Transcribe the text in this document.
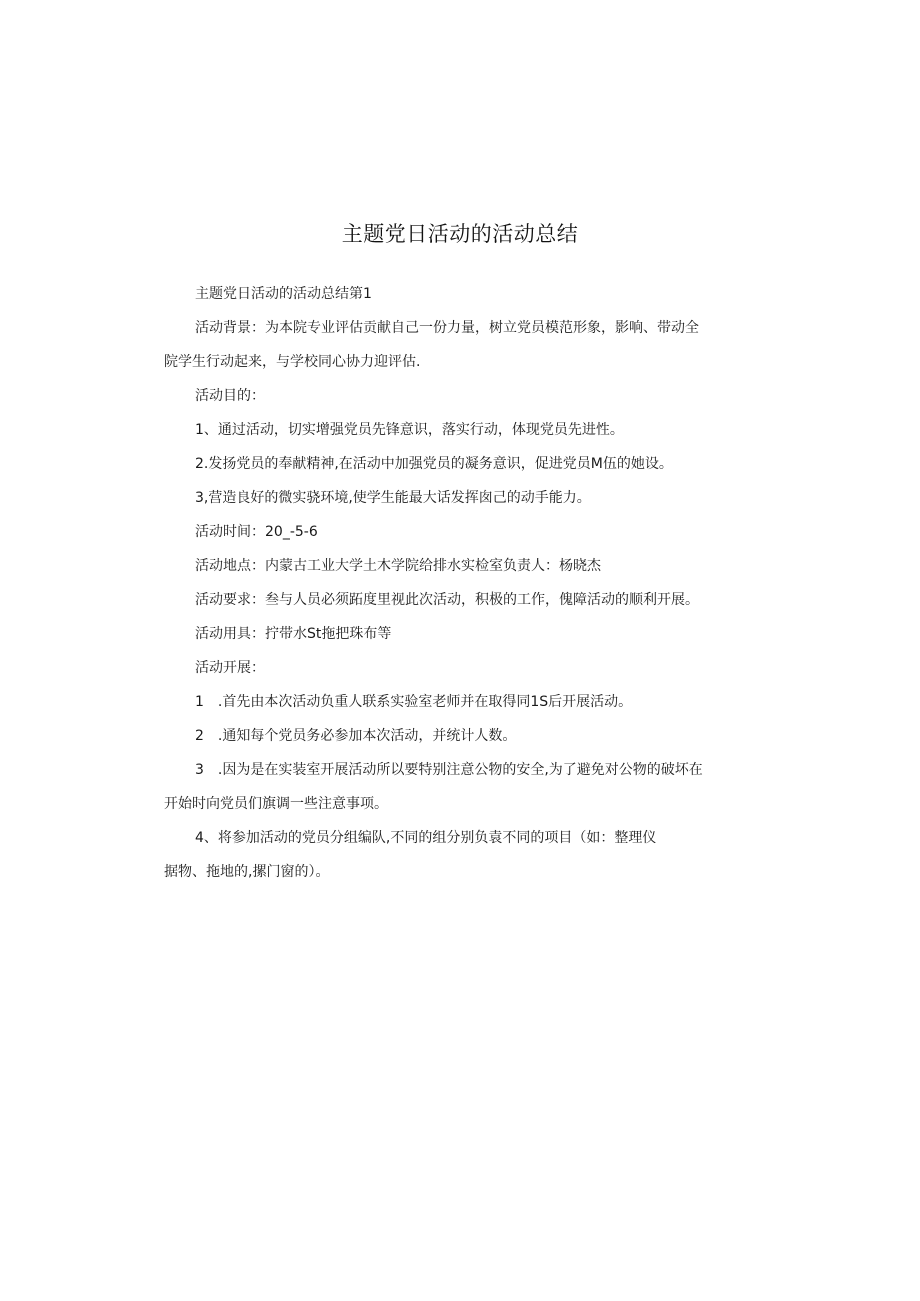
主题党日活动的活动总结
主题党日活动的活动总结第1
活动背景：为本院专业评估贡献自己一份力量，树立党员模范形象，影响、带动全
院学生行动起来，与学校同心协力迎评估.
活动目的：
1、通过活动，切实增强党员先锋意识，落实行动，体现党员先进性。
2.发扬党员的奉献精神,在活动中加强党员的凝务意识，促进党员M伍的她设。
3,营造良好的微实骁环境,使学生能最大话发挥囱己的动手能力。
活动时间：20_-5-6
活动地点：内蒙古工业大学土木学院给排水实检室负责人：杨晓杰
活动要求：叁与人员必须跖度里视此次活动，积极的工作，傀障活动的顺利开展。
活动用具：拧带水St拖把珠布等
活动开展：
1　.首先由本次活动负重人联系实验室老师并在取得同1S后开展活动。
2　.通知每个党员务必参加本次活动，并统计人数。
3　.因为是在实装室开展活动所以要特别注意公物的安全,为了避免对公物的破坏在
开始时向党员们旗调一些注意事项。
4、将参加活动的党员分组编队,不同的组分别负袁不同的项目（如：整理仪
据物、拖地的,摞门窗的）。
